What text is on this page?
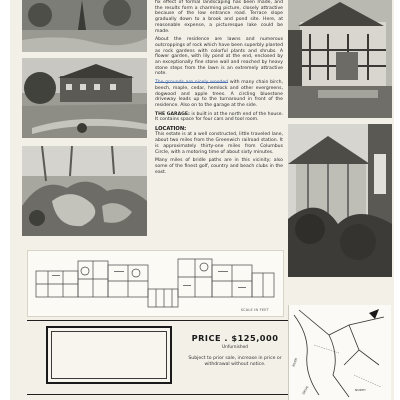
fix effect of formal landscaping has been made, and the results form a charming picture, closely attractive because of the low entrance road. Terrace slope gradually down to a brook and pond site. Here, at reasonable expense, a picturesque lake could be made.

About the residence are lawns and numerous outcroppings of rock which have been superbly planted as rock gardens with colorful plants and shrubs. A flower garden, with lily pond at the end, enclosed by an exceptionally fine stone wall and reached by heavy stone steps from the lawn is an extremely attractive note.

The grounds are nicely wooded with many chain birch, beech, maple, cedar, hemlock and other evergreens, dogwood and apple trees. A circling bluestone driveway leads up to the turnaround in front of the residence. Also on to the garage at the side.

THE GARAGE: is built in at the north end of the house. It contains space for four cars and tool room.

LOCATION:

This estate is at a well constructed, little traveled lane, about two miles from the Greenwich railroad station. It is approximately thirty-one miles from Columbus Circle, with a motoring time of about sixty minutes.

Many miles of bridle paths are in this vicinity; also some of the finest golf, country and beach clubs in the east.

SCALE IN FEET
PRICE . $125,000
Unfurnished
Subject to prior sale, increase in price or withdrawal without notice.	RIVER
NORTH
DRIVE
